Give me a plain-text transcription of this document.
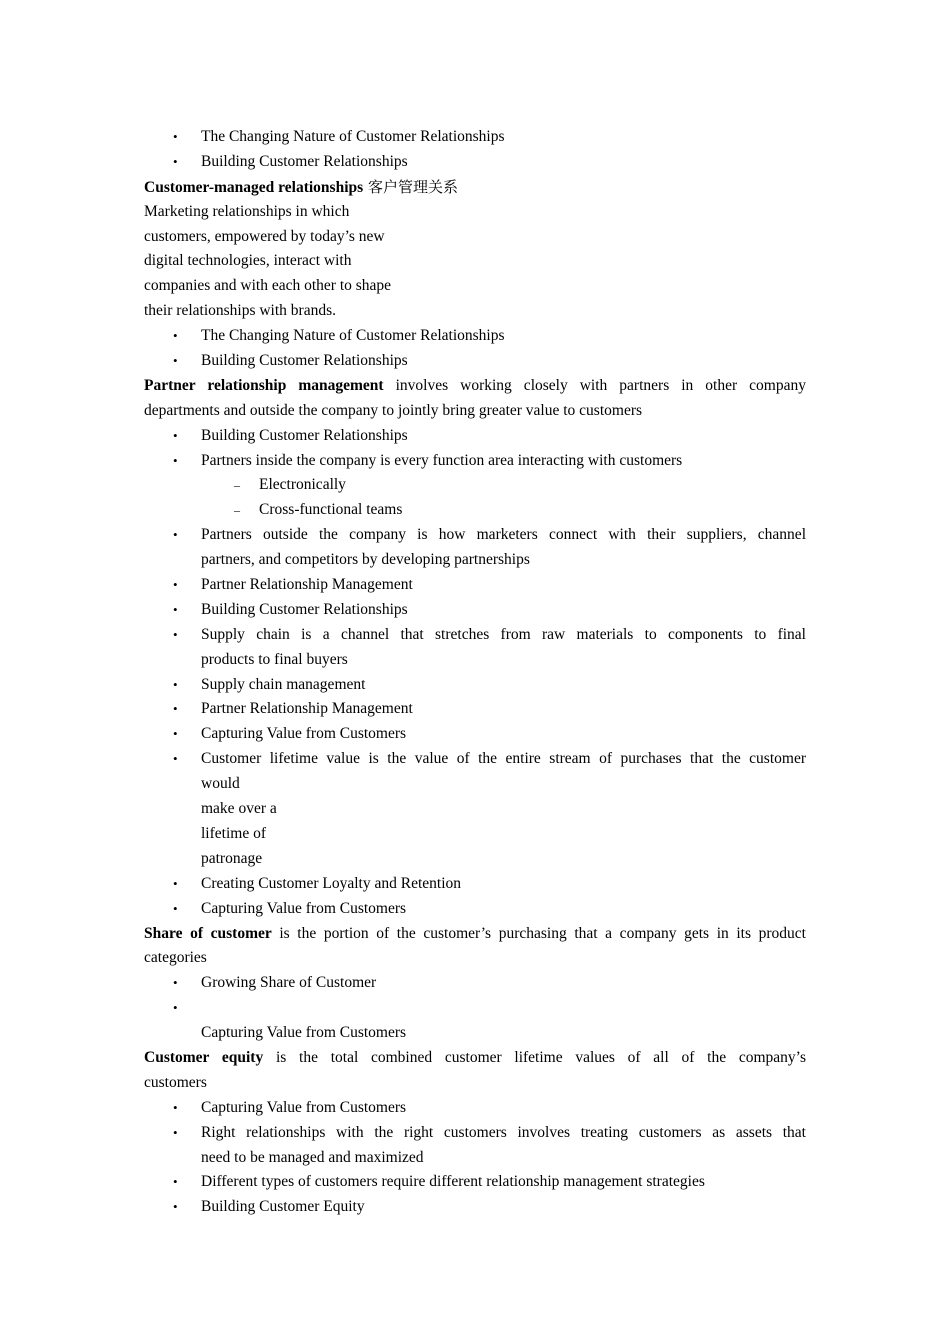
• The Changing Nature of Customer Relationships
• Building Customer Relationships
Customer-managed relationships 客户管理关系
Marketing relationships in which
customers, empowered by today’s new
digital technologies, interact with
companies and with each other to shape
their relationships with brands.
• The Changing Nature of Customer Relationships
• Building Customer Relationships
Partner relationship management involves working closely with partners in other company
departments and outside the company to jointly bring greater value to customers
• Building Customer Relationships
• Partners inside the company is every function area interacting with customers
– Electronically
– Cross-functional teams
• Partners outside the company is how marketers connect with their suppliers, channel
partners, and competitors by developing partnerships
• Partner Relationship Management
• Building Customer Relationships
• Supply chain is a channel that stretches from raw materials to components to final
products to final buyers
• Supply chain management
• Partner Relationship Management
• Capturing Value from Customers
• Customer lifetime value is the value of the entire stream of purchases that the customer
would
make over a
lifetime of
patronage
• Creating Customer Loyalty and Retention
• Capturing Value from Customers
Share of customer is the portion of the customer’s purchasing that a company gets in its product
categories
• Growing Share of Customer
•
Capturing Value from Customers
Customer equity is the total combined customer lifetime values of all of the company’s
customers
• Capturing Value from Customers
• Right relationships with the right customers involves treating customers as assets that
need to be managed and maximized
• Different types of customers require different relationship management strategies
• Building Customer Equity
